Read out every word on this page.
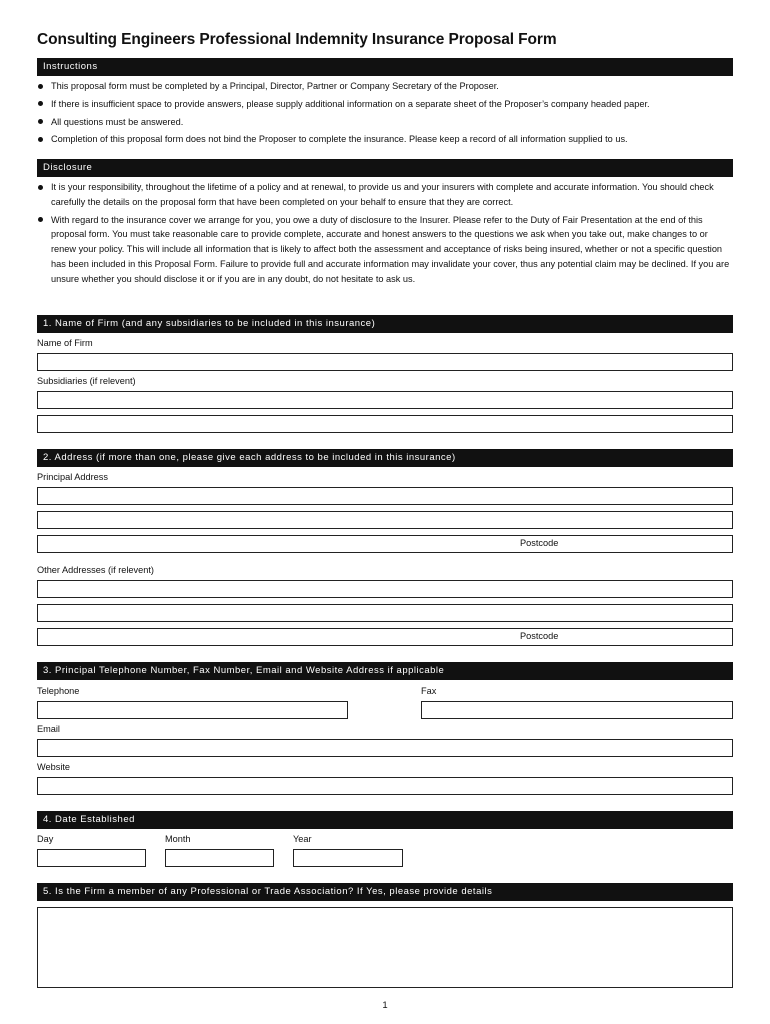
Consulting Engineers Professional Indemnity Insurance Proposal Form
Instructions
This proposal form must be completed by a Principal, Director, Partner or Company Secretary of the Proposer.
If there is insufficient space to provide answers, please supply additional information on a separate sheet of the Proposer’s company headed paper.
All questions must be answered.
Completion of this proposal form does not bind the Proposer to complete the insurance. Please keep a record of all information supplied to us.
Disclosure
It is your responsibility, throughout the lifetime of a policy and at renewal, to provide us and your insurers with complete and accurate information. You should check carefully the details on the proposal form that have been completed on your behalf to ensure that they are correct.
With regard to the insurance cover we arrange for you, you owe a duty of disclosure to the Insurer. Please refer to the Duty of Fair Presentation at the end of this proposal form. You must take reasonable care to provide complete, accurate and honest answers to the questions we ask when you take out, make changes to or renew your policy. This will include all information that is likely to affect both the assessment and acceptance of risks being insured, whether or not a specific question has been included in this Proposal Form. Failure to provide full and accurate information may invalidate your cover, thus any potential claim may be declined. If you are unsure whether you should disclose it or if you are in any doubt, do not hesitate to ask us.
1. Name of Firm (and any subsidiaries to be included in this insurance)
Name of Firm
Subsidiaries (if relevent)
2. Address (if more than one, please give each address to be included in this insurance)
Principal Address
Postcode
Other Addresses (if relevent)
Postcode
3. Principal Telephone Number, Fax Number, Email and Website Address if applicable
Telephone	Fax
Email
Website
4. Date Established
Day	Month	Year
5. Is the Firm a member of any Professional or Trade Association? If Yes, please provide details
1
